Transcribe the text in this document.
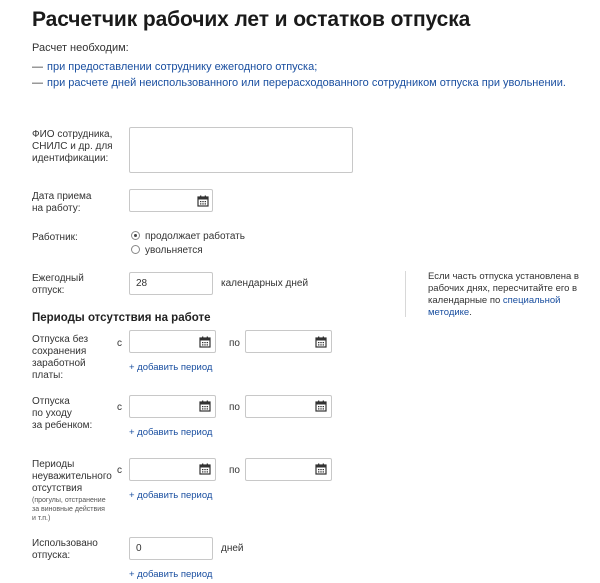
Расчетчик рабочих лет и остатков отпуска
Расчет необходим:
— при предоставлении сотруднику ежегодного отпуска;
— при расчете дней неиспользованного или перерасходованного сотрудником отпуска при увольнении.
ФИО сотрудника,
СНИЛС и др. для
идентификации:
Дата приема
на работу:
Работник:	продолжает работать
увольняется
Ежегодный
отпуск:
28
календарных дней
Если часть отпуска установлена в
рабочих днях, пересчитайте его в
календарные по специальной
методике.
Периоды отсутствия на работе
Отпуска без
сохранения
заработной
платы:
с	по
+ добавить период
Отпуска
по уходу
за ребенком:
с	по
+ добавить период
Периоды
неуважительного
отсутствия
(прогулы, отстранение
за виновные действия
и т.п.)
с	по
+ добавить период
Использовано
отпуска:
0
дней
+ добавить период
